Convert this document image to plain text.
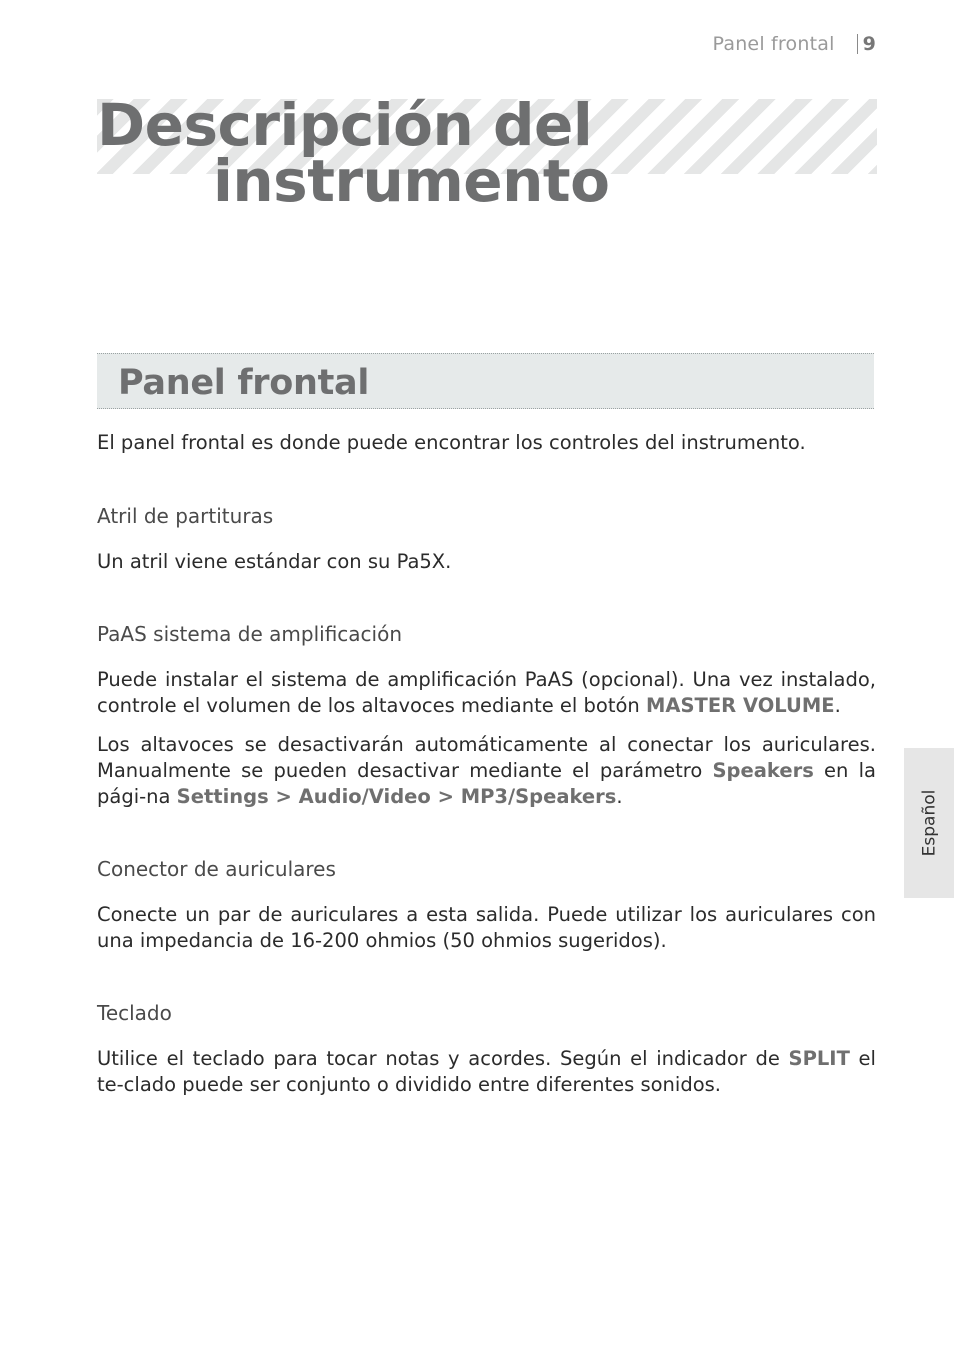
Panel frontal 9
Descripción del
instrumento
Panel frontal

El panel frontal es donde puede encontrar los controles del instrumento.

Atril de partituras

Un atril viene estándar con su Pa5X.

PaAS sistema de amplificación

Puede instalar el sistema de amplificación PaAS (opcional). Una vez instalado, controle el volumen de los altavoces mediante el botón MASTER VOLUME.

Los altavoces se desactivarán automáticamente al conectar los auriculares. Manualmente se pueden desactivar mediante el parámetro Speakers en la pági-na Settings > Audio/Video > MP3/Speakers.

Conector de auriculares

Conecte un par de auriculares a esta salida. Puede utilizar los auriculares con una impedancia de 16-200 ohmios (50 ohmios sugeridos).

Teclado

Utilice el teclado para tocar notas y acordes. Según el indicador de SPLIT el te-clado puede ser conjunto o dividido entre diferentes sonidos.

Español
